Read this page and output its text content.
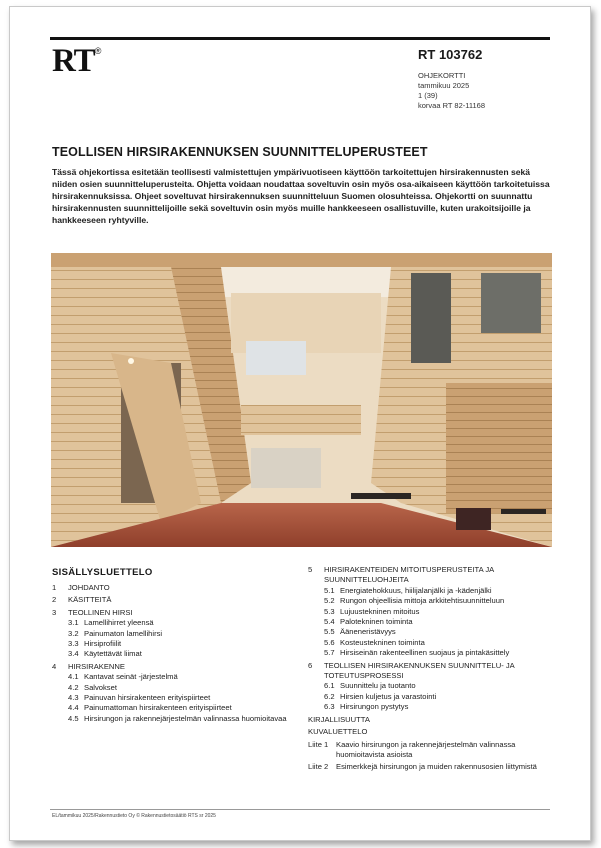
RT®	RT 103762
OHJEKORTTI
tammikuu 2025
1 (39)
korvaa RT 82-11168
TEOLLISEN HIRSIRAKENNUKSEN SUUNNITTELUPERUSTEET

Tässä ohjekortissa esitetään teollisesti valmistettujen ympärivuotiseen käyttöön tarkoitettujen hirsirakennusten sekä niiden osien suunnitteluperusteita. Ohjetta voidaan noudattaa soveltuvin osin myös osa-aikaiseen käyttöön tarkoitetuissa hirsirakennuksissa. Ohjeet soveltuvat hirsirakennuksen suunnitteluun Suomen olosuhteissa. Ohjekortti on suunnattu hirsirakennusten suunnittelijoille sekä soveltuvin osin myös muille hankkeeseen osallistuville, kuten urakoitsijoille ja hankkeeseen ryhtyville.

SISÄLLYSLUETTELO
1	JOHDANTO
2	KÄSITTEITÄ
3	TEOLLINEN HIRSI
3.1 Lamellihirret yleensä
3.2 Painumaton lamellihirsi
3.3 Hirsiprofiilit
3.4 Käytettävät liimat
4	HIRSIRAKENNE
4.1 Kantavat seinät -järjestelmä
4.2 Salvokset
4.3 Painuvan hirsirakenteen erityispiirteet
4.4 Painumattoman hirsirakenteen erityispiirteet
4.5 Hirsirungon ja rakennejärjestelmän valinnassa huomioitavaa
5	HIRSIRAKENTEIDEN MITOITUSPERUSTEITA JA SUUNNITTELUOHJEITA
5.1 Energiatehokkuus, hiilijalanjälki ja -kädenjälki
5.2 Rungon ohjeellisia mittoja arkkitehtisuunnitteluun
5.3 Lujuustekninen mitoitus
5.4 Palotekninen toiminta
5.5 Ääneneristävyys
5.6 Kosteustekninen toiminta
5.7 Hirsiseinän rakenteellinen suojaus ja pintakäsittely
6	TEOLLISEN HIRSIRAKENNUKSEN SUUNNITTELU- JA TOTEUTUSPROSESSI
6.1 Suunnittelu ja tuotanto
6.2 Hirsien kuljetus ja varastointi
6.3 Hirsirungon pystytys
KIRJALLISUUTTA
KUVALUETTELO
Liite 1	Kaavio hirsirungon ja rakennejärjestelmän valinnassa huomioitavista asioista
Liite 2	Esimerkkejä hirsirungon ja muiden rakennusosien liittymistä
EL/tammikuu 2025/Rakennustieto Oy © Rakennustietosäätiö RTS sr 2025
